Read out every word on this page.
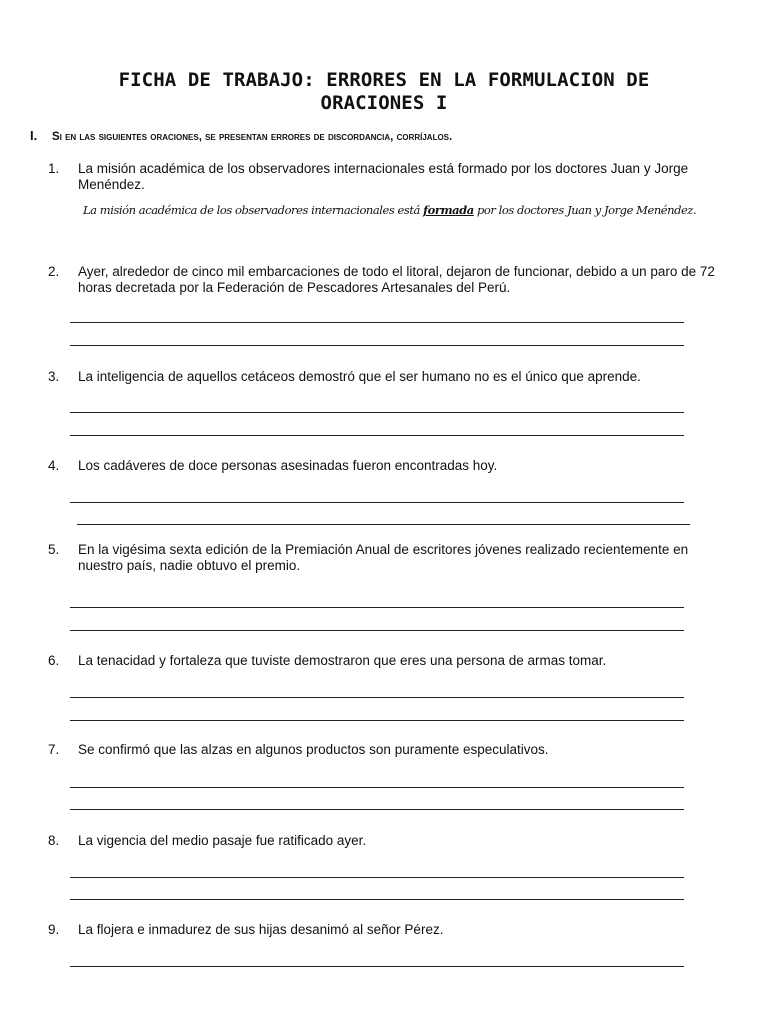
FICHA DE TRABAJO: ERRORES EN LA FORMULACION DE
ORACIONES I
I. Si en las siguientes oraciones, se presentan errores de discordancia, corríjalos.
1.	La misión académica de los observadores internacionales está formado por los doctores Juan y Jorge Menéndez.
La misión académica de los observadores internacionales está formada por los doctores Juan y Jorge Menéndez.
2.	Ayer, alrededor de cinco mil embarcaciones de todo el litoral, dejaron de funcionar, debido a un paro de 72 horas decretada por la Federación de Pescadores Artesanales del Perú.
3.	La inteligencia de aquellos cetáceos demostró que el ser humano no es el único que aprende.
4.	Los cadáveres de doce personas asesinadas fueron encontradas hoy.
5.	En la vigésima sexta edición de la Premiación Anual de escritores jóvenes realizado recientemente en nuestro país, nadie obtuvo el premio.
6.	La tenacidad y fortaleza que tuviste demostraron que eres una persona de armas tomar.
7.	Se confirmó que las alzas en algunos productos son puramente especulativos.
8.	La vigencia del medio pasaje fue ratificado ayer.
9.	La flojera e inmadurez de sus hijas desanimó al señor Pérez.
